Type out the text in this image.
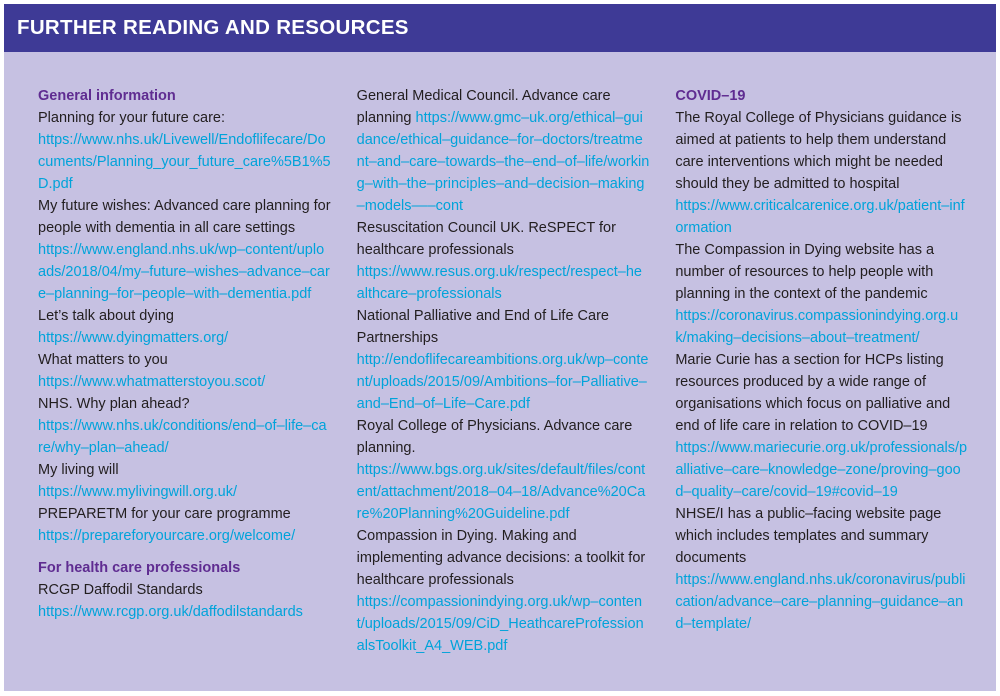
FURTHER READING AND RESOURCES

General information

Planning for your future care:

https://www.nhs.uk/Livewell/Endoflifecare/Documents/Planning_your_future_care%5B1%5D.pdf

My future wishes: Advanced care planning for people with dementia in all care settings

https://www.england.nhs.uk/wp–content/uploads/2018/04/my–future–wishes–advance–care–planning–for–people–with–dementia.pdf

Let’s talk about dying

https://www.dyingmatters.org/

What matters to you

https://www.whatmatterstoyou.scot/

NHS. Why plan ahead?

https://www.nhs.uk/conditions/end–of–life–care/why–plan–ahead/

My living will

https://www.mylivingwill.org.uk/

PREPARETM for your care programme

https://prepareforyourcare.org/welcome/

For health care professionals

RCGP Daffodil Standards

https://www.rcgp.org.uk/daffodilstandards

General Medical Council. Advance care planning https://www.gmc–uk.org/ethical–guidance/ethical–guidance–for–doctors/treatment–and–care–towards–the–end–of–life/working–with–the–principles–and–decision–making–models–––cont

Resuscitation Council UK. ReSPECT for healthcare professionals

https://www.resus.org.uk/respect/respect–healthcare–professionals

National Palliative and End of Life Care Partnerships

http://endoflifecareambitions.org.uk/wp–content/uploads/2015/09/Ambitions–for–Palliative–and–End–of–Life–Care.pdf

Royal College of Physicians. Advance care planning.

https://www.bgs.org.uk/sites/default/files/content/attachment/2018–04–18/Advance%20Care%20Planning%20Guideline.pdf

Compassion in Dying. Making and implementing advance decisions: a toolkit for healthcare professionals

https://compassionindying.org.uk/wp–content/uploads/2015/09/CiD_HeathcareProfessionalsToolkit_A4_WEB.pdf

COVID–19

The Royal College of Physicians guidance is aimed at patients to help them understand care interventions which might be needed should they be admitted to hospital

https://www.criticalcarenice.org.uk/patient–information

The Compassion in Dying website has a number of resources to help people with planning in the context of the pandemic

https://coronavirus.compassionindying.org.uk/making–decisions–about–treatment/

Marie Curie has a section for HCPs listing resources produced by a wide range of organisations which focus on palliative and end of life care in relation to COVID–19

https://www.mariecurie.org.uk/professionals/palliative–care–knowledge–zone/proving–good–quality–care/covid–19#covid–19

NHSE/I has a public–facing website page which includes templates and summary documents

https://www.england.nhs.uk/coronavirus/publication/advance–care–planning–guidance–and–template/
